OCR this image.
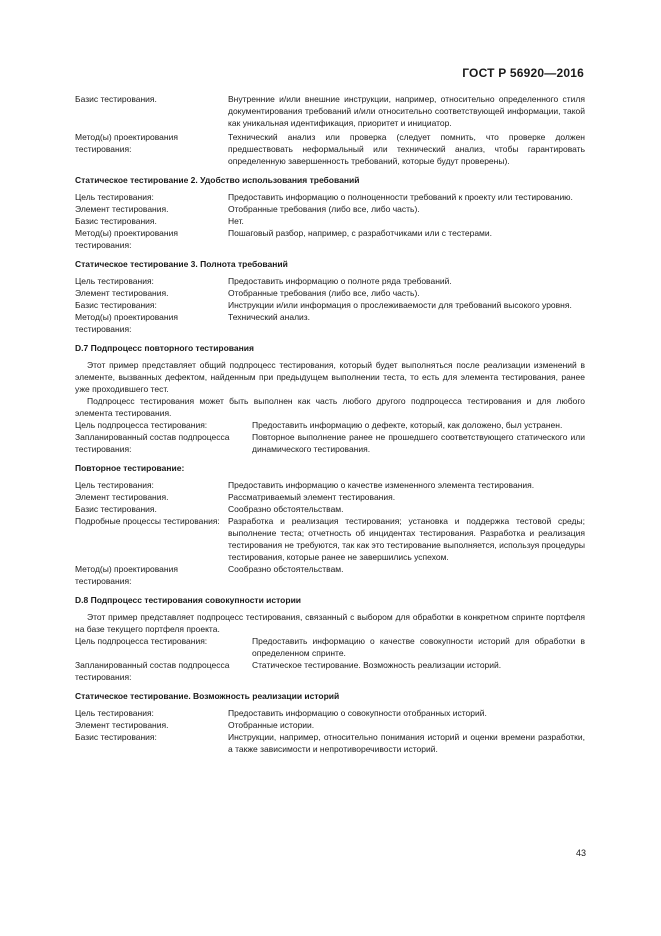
ГОСТ Р 56920—2016
Базис тестирования.	Внутренние и/или внешние инструкции, например, относительно определенного стиля документирования требований и/или относительно соответствующей информации, такой как уникальная идентификация, приоритет и инициатор.
Метод(ы) проектирования тестирования:
Технический анализ или проверка (следует помнить, что проверке должен предшествовать неформальный или технический анализ, чтобы гарантировать определенную завершенность требований, которые будут проверены).
Статическое тестирование 2. Удобство использования требований
Цель тестирования:	Предоставить информацию о полноценности требований к проекту или тестированию.
Элемент тестирования.	Отобранные требования (либо все, либо часть).
Базис тестирования.	Нет.
Метод(ы) проектирования тестирования:
Пошаговый разбор, например, с разработчиками или с тестерами.
Статическое тестирование 3. Полнота требований
Цель тестирования:	Предоставить информацию о полноте ряда требований.
Элемент тестирования.	Отобранные требования (либо все, либо часть).
Базис тестирования:	Инструкции и/или информация о прослеживаемости для требований высокого уровня.
Метод(ы) проектирования тестирования:
Технический анализ.
D.7 Подпроцесс повторного тестирования
Этот пример представляет общий подпроцесс тестирования, который будет выполняться после реализации изменений в элементе, вызванных дефектом, найденным при предыдущем выполнении теста, то есть для элемента тестирования, ранее уже проходившего тест.
Подпроцесс тестирования может быть выполнен как часть любого другого подпроцесса тестирования и для любого элемента тестирования.
Цель подпроцесса тестирования:	Предоставить информацию о дефекте, который, как доложено, был устранен.
Запланированный состав подпроцесса тестирования:
Повторное выполнение ранее не прошедшего соответствующего статического или динамического тестирования.
Повторное тестирование:
Цель тестирования:	Предоставить информацию о качестве измененного элемента тестирования.
Элемент тестирования.	Рассматриваемый элемент тестирования.
Базис тестирования.	Сообразно обстоятельствам.
Подробные процессы тестирования: Разработка и реализация тестирования; установка и поддержка тестовой среды; выполнение теста; отчетность об инцидентах тестирования. Разработка и реализация тестирования не требуются, так как это тестирование выполняется, используя процедуры тестирования, которые ранее не завершились успехом.
Метод(ы) проектирования тестирования:
Сообразно обстоятельствам.
D.8 Подпроцесс тестирования совокупности истории
Этот пример представляет подпроцесс тестирования, связанный с выбором для обработки в конкретном спринте портфеля на базе текущего портфеля проекта.
Цель подпроцесса тестирования:	Предоставить информацию о качестве совокупности историй для обработки в определенном спринте.
Запланированный состав подпроцесса тестирования:
Статическое тестирование. Возможность реализации историй.
Статическое тестирование. Возможность реализации историй
Цель тестирования:	Предоставить информацию о совокупности отобранных историй.
Элемент тестирования.	Отобранные истории.
Базис тестирования:	Инструкции, например, относительно понимания историй и оценки времени разработки, а также зависимости и непротиворечивости историй.
43
